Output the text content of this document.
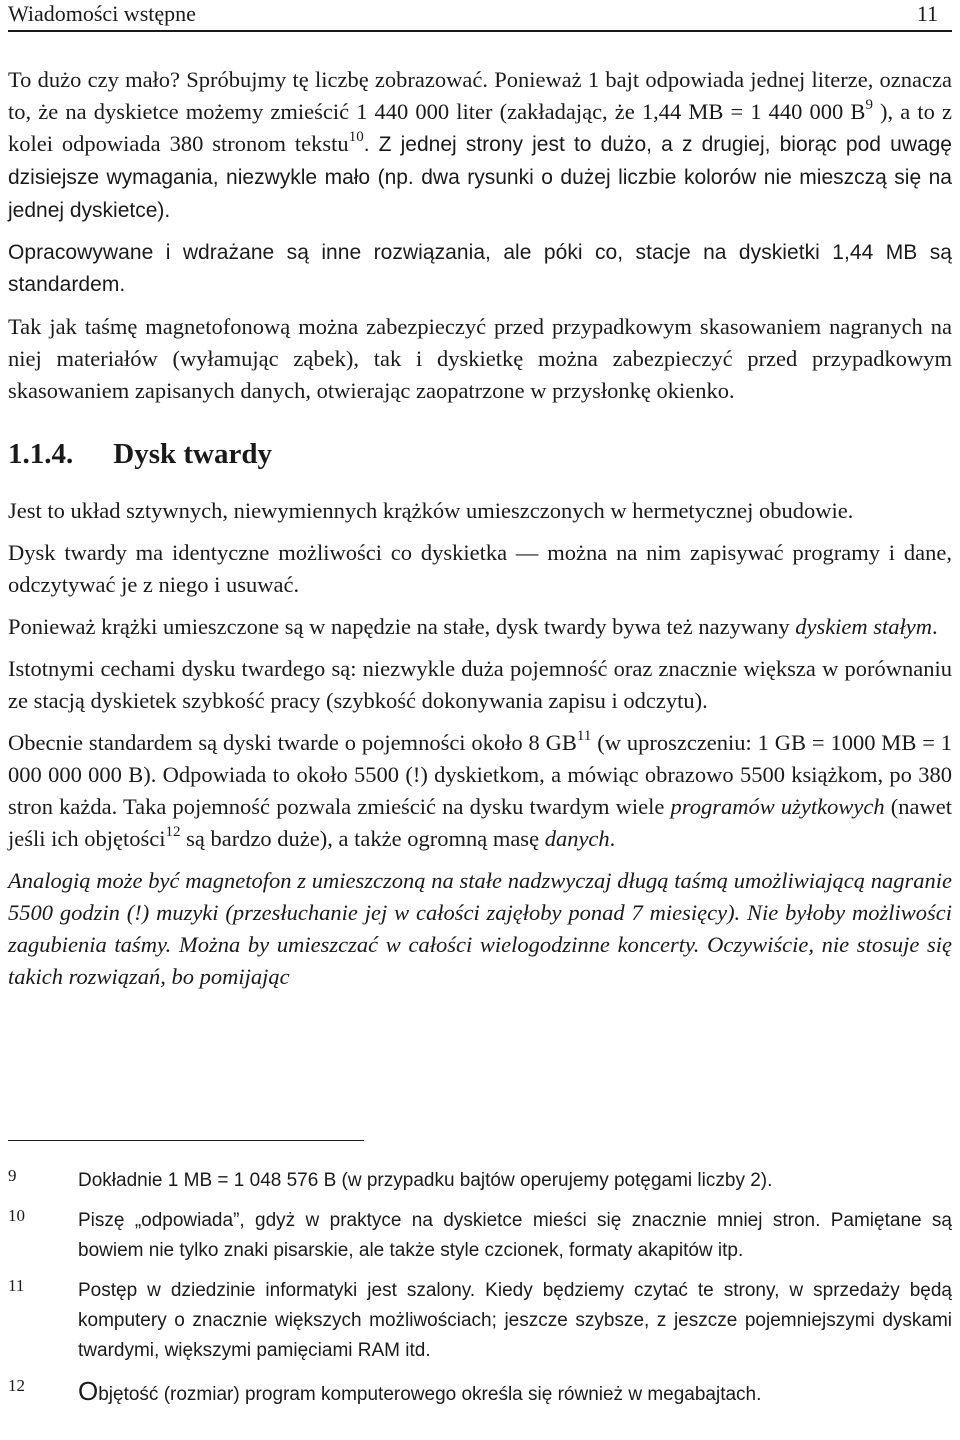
Wiadomości wstępne	11

To dużo czy mało? Spróbujmy tę liczbę zobrazować. Ponieważ 1 bajt odpowiada jednej literze, oznacza to, że na dyskietce możemy zmieścić 1 440 000 liter (zakładając, że 1,44 MB = 1 440 000 $B^9$ ), a to z kolei odpowiada 380 stronom tekstu$^{10}$. Z jednej strony jest to dużo, a z drugiej, biorąc pod uwagę dzisiejsze wymagania, niezwykle mało (np. dwa rysunki o dużej liczbie kolorów nie mieszczą się na jednej dyskietce).

Opracowywane i wdrażane są inne rozwiązania, ale póki co, stacje na dyskietki 1,44 MB są standardem.

Tak jak taśmę magnetofonową można zabezpieczyć przed przypadkowym skasowaniem nagranych na niej materiałów (wyłamując ząbek), tak i dyskietkę można zabezpieczyć przed przypadkowym skasowaniem zapisanych danych, otwierając zaopatrzone w przysłonkę okienko.

1.1.4. Dysk twardy

Jest to układ sztywnych, niewymiennych krążków umieszczonych w hermetycznej obudowie.

Dysk twardy ma identyczne możliwości co dyskietka — można na nim zapisywać programy i dane, odczytywać je z niego i usuwać.

Ponieważ krążki umieszczone są w napędzie na stałe, dysk twardy bywa też nazywany dyskiem stałym.

Istotnymi cechami dysku twardego są: niezwykle duża pojemność oraz znacznie większa w porównaniu ze stacją dyskietek szybkość pracy (szybkość dokonywania zapisu i odczytu).

Obecnie standardem są dyski twarde o pojemności około 8 GB$^{11}$ (w uproszczeniu: 1 GB = 1000 MB = 1 000 000 000 B). Odpowiada to około 5500 (!) dyskietkom, a mówiąc obrazowo 5500 książkom, po 380 stron każda. Taka pojemność pozwala zmieścić na dysku twardym wiele programów użytkowych (nawet jeśli ich objętości$^{12}$ są bardzo duże), a także ogromną masę danych.

Analogią może być magnetofon z umieszczoną na stałe nadzwyczaj długą taśmą umożliwiającą nagranie 5500 godzin (!) muzyki (przesłuchanie jej w całości zajęłoby ponad 7 miesięcy). Nie byłoby możliwości zagubienia taśmy. Można by umieszczać w całości wielogodzinne koncerty. Oczywiście, nie stosuje się takich rozwiązań, bo pomijając

9	Dokładnie 1 MB = 1 048 576 B (w przypadku bajtów operujemy potęgami liczby 2).
10	Piszę „odpowiada”, gdyż w praktyce na dyskietce mieści się znacznie mniej stron. Pamiętane są bowiem nie tylko znaki pisarskie, ale także style czcionek, formaty akapitów itp.
11	Postęp w dziedzinie informatyki jest szalony. Kiedy będziemy czytać te strony, w sprzedaży będą komputery o znacznie większych możliwościach; jeszcze szybsze, z jeszcze pojemniejszymi dyskami twardymi, większymi pamięciami RAM itd.
12	Objętość (rozmiar) program komputerowego określa się również w megabajtach.
